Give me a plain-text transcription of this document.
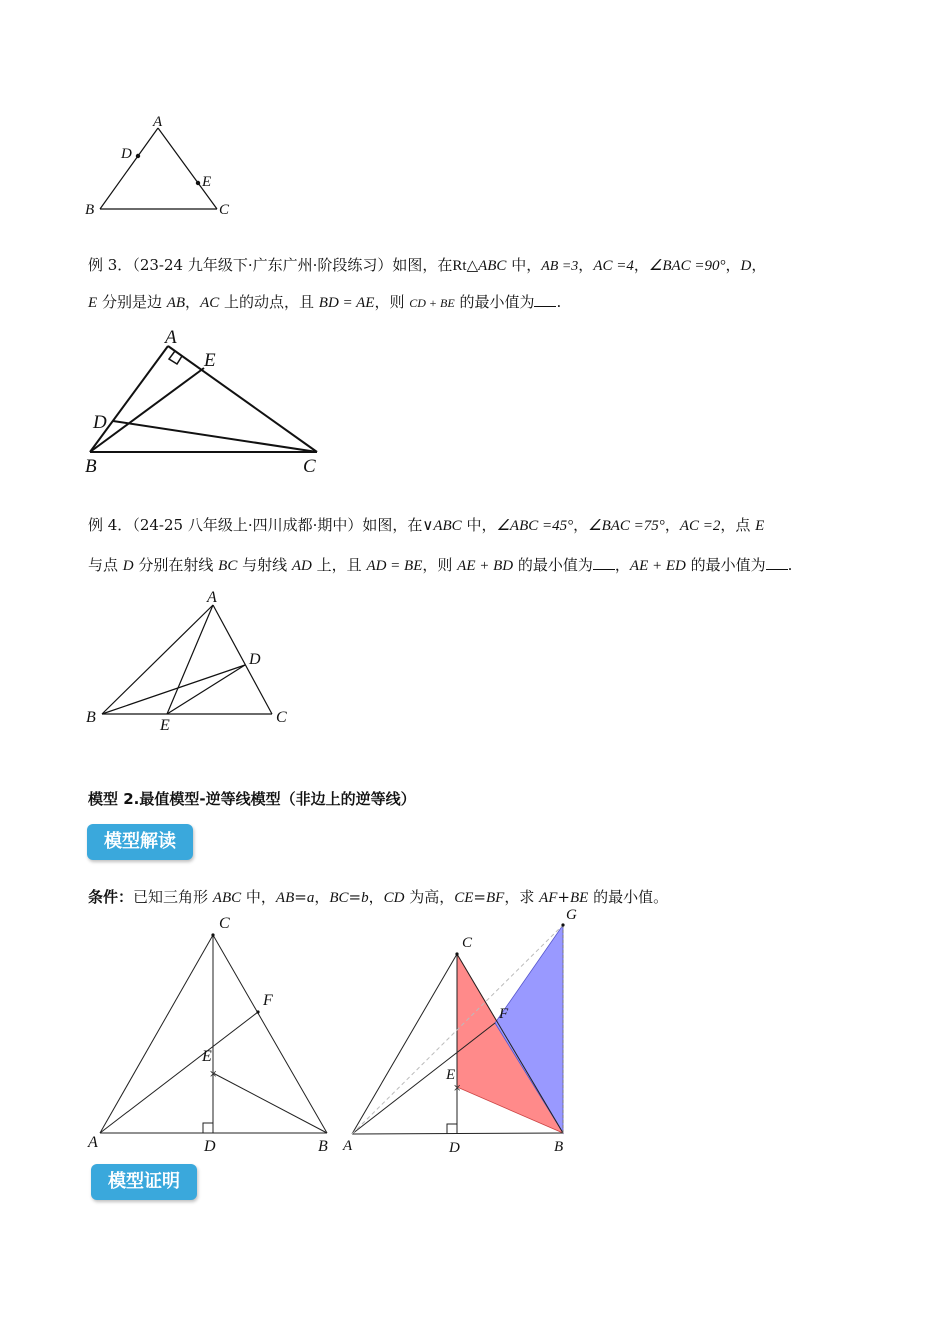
A
D
E
B	C
例 3．（23-24 九年级下·广东广州·阶段练习）如图，在Rt△ABC 中，AB =3，AC =4，∠BAC =90°，D，
E 分别是边 AB，AC 上的动点，且 BD = AE，则 CD + BE 的最小值为 .
A
E
D
B	C
例 4．（24-25 八年级上·四川成都·期中）如图，在∨ABC 中，∠ABC =45°，∠BAC =75°，AC =2，点 E
与点 D 分别在射线 BC 与射线 AD 上，且 AD = BE，则 AE + BD 的最小值为 ，AE + ED 的最小值为 .
A
D
B	E	C
模型 2.最值模型-逆等线模型（非边上的逆等线）
模型解读
条件：已知三角形 ABC 中，AB=a，BC=b，CD 为高，CE=BF，求 AF+BE 的最小值。
×
C
F
E
A	D	B
×
G
C
F
E
A	D	B
模型证明
